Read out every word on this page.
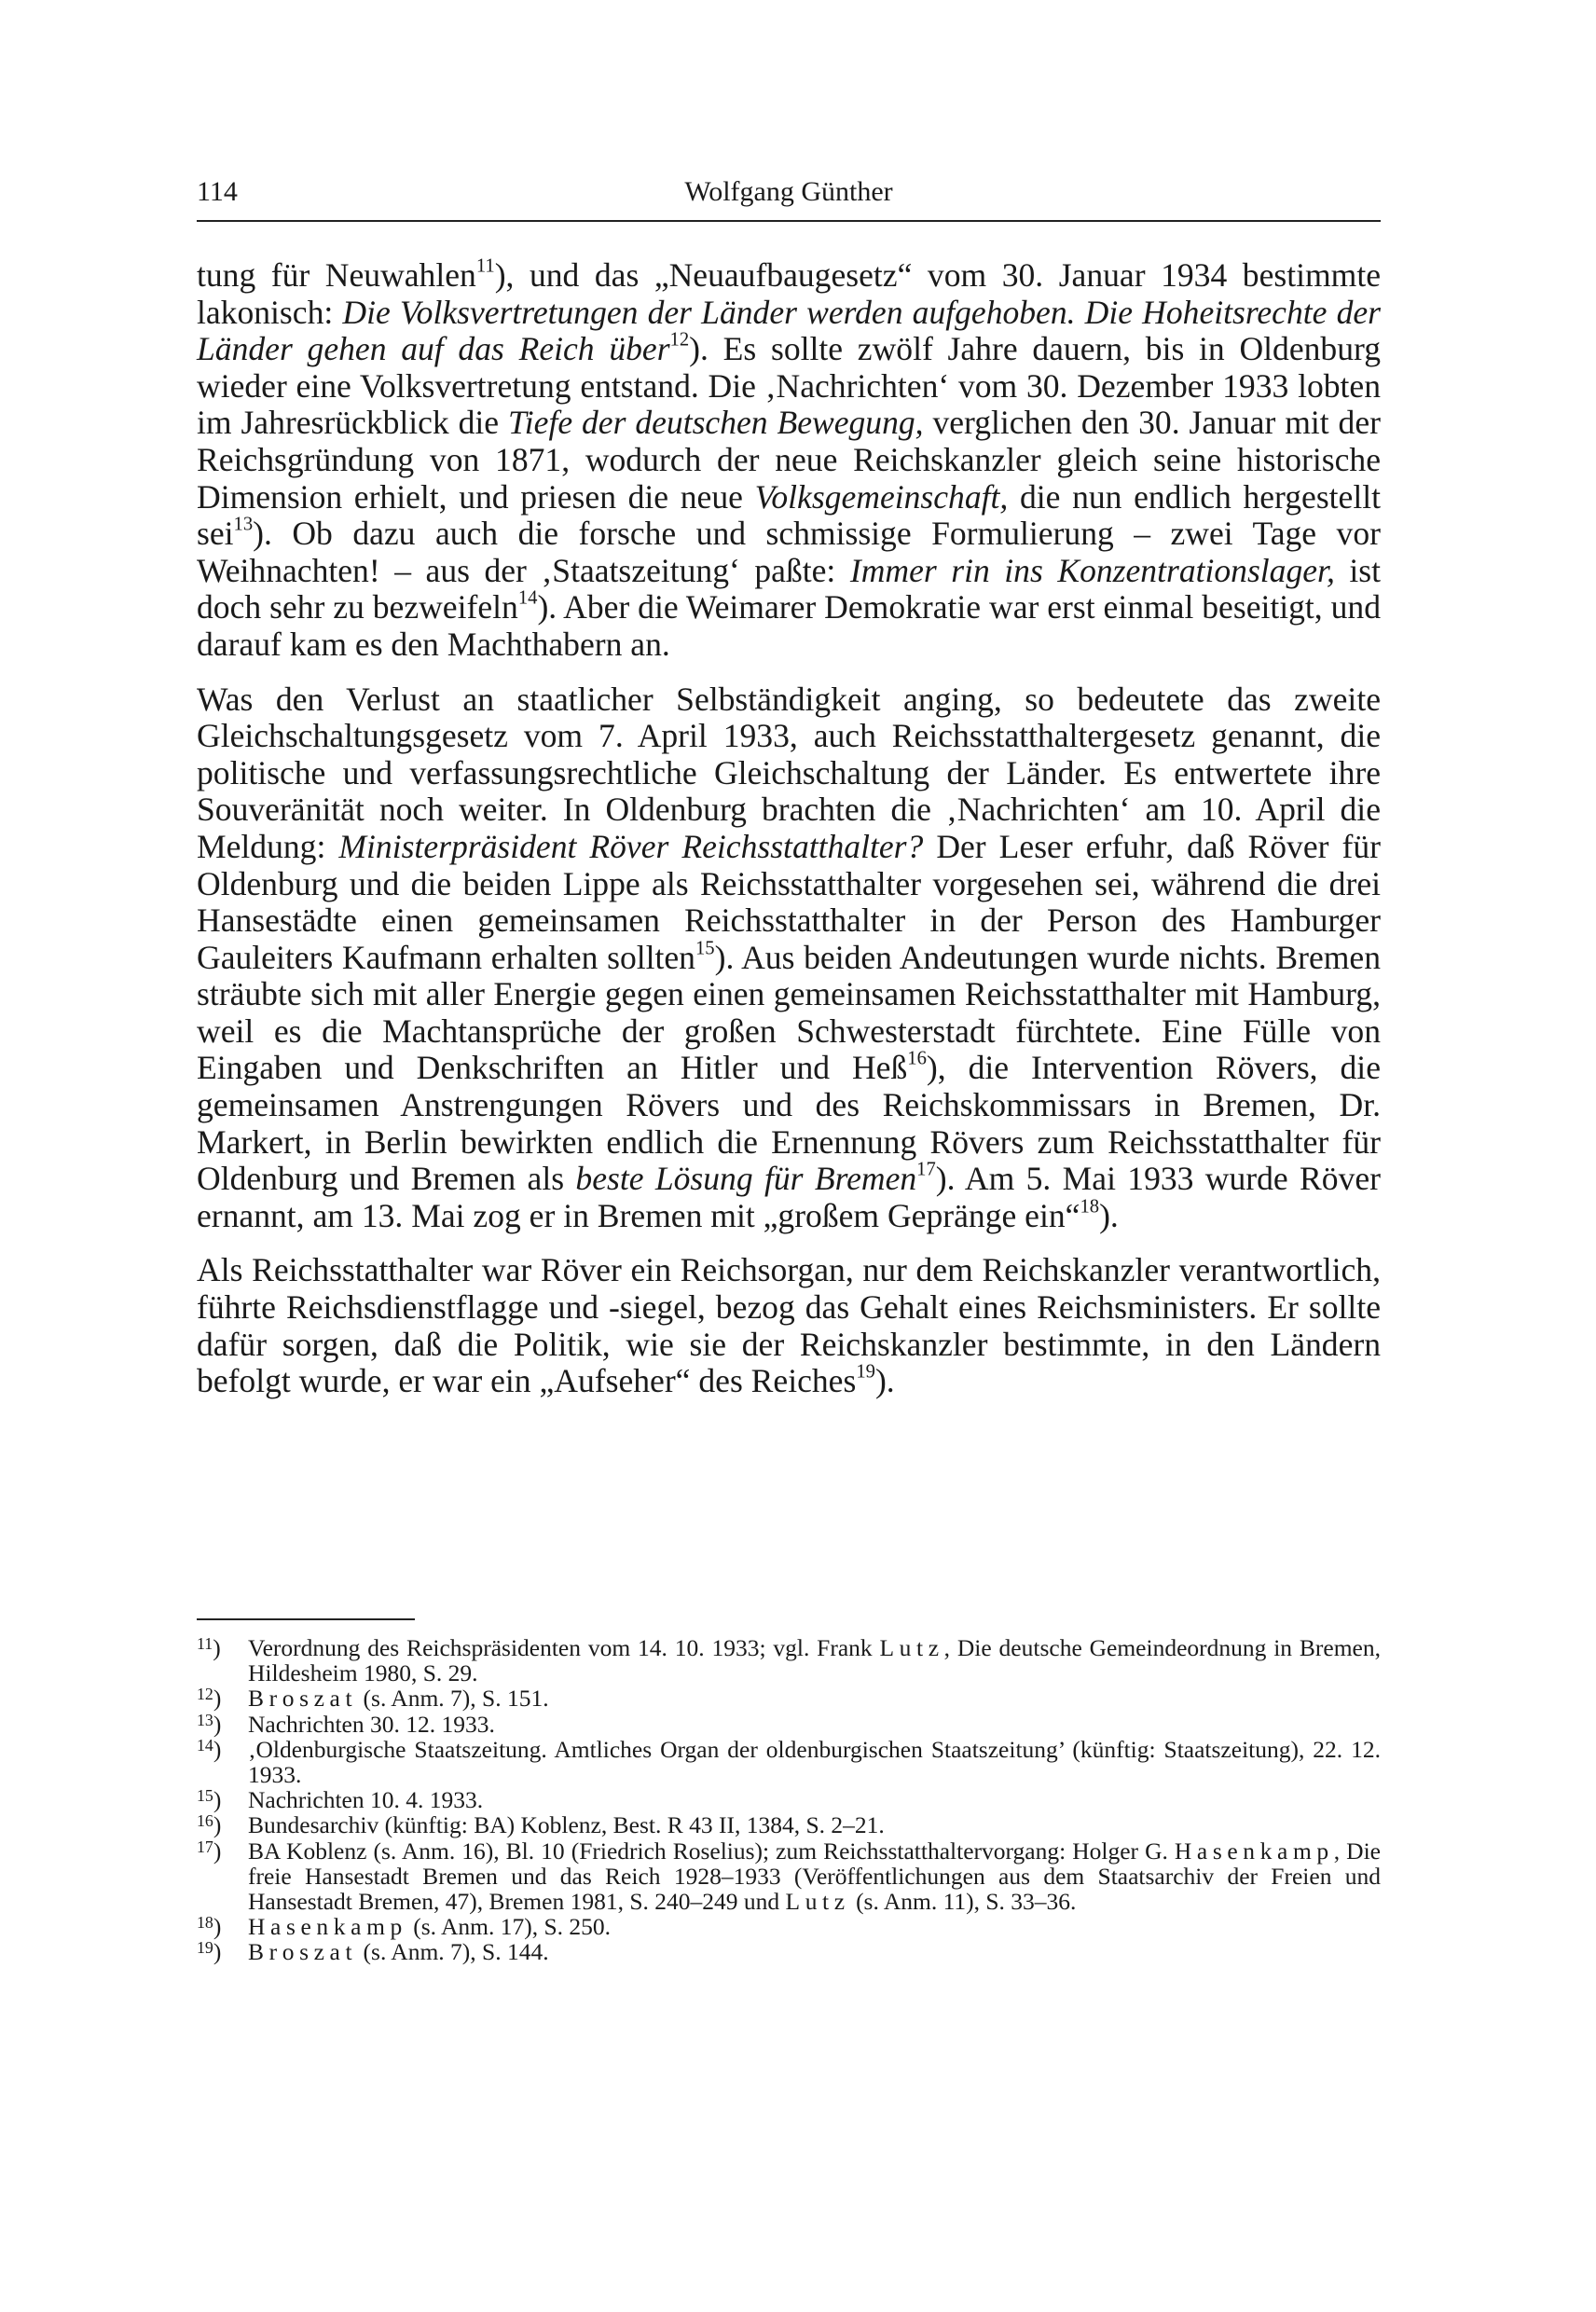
114	Wolfgang Günther

tung für Neuwahlen$^{11}$), und das „Neuaufbaugesetz“ vom 30. Januar 1934 bestimmte lakonisch: Die Volksvertretungen der Länder werden aufgehoben. Die Hoheitsrechte der Länder gehen auf das Reich über$^{12}$). Es sollte zwölf Jahre dauern, bis in Oldenburg wieder eine Volksvertretung entstand. Die ‚Nachrichten‘ vom 30. Dezember 1933 lobten im Jahresrückblick die Tiefe der deutschen Bewegung, verglichen den 30. Januar mit der Reichsgründung von 1871, wodurch der neue Reichskanzler gleich seine historische Dimension erhielt, und priesen die neue Volksgemeinschaft, die nun endlich hergestellt sei$^{13}$). Ob dazu auch die forsche und schmissige Formulierung – zwei Tage vor Weihnachten! – aus der ‚Staatszeitung‘ paßte: Immer rin ins Konzentrationslager, ist doch sehr zu bezweifeln$^{14}$). Aber die Weimarer Demokratie war erst einmal beseitigt, und darauf kam es den Machthabern an.

Was den Verlust an staatlicher Selbständigkeit anging, so bedeutete das zweite Gleichschaltungsgesetz vom 7. April 1933, auch Reichsstatthaltergesetz genannt, die politische und verfassungsrechtliche Gleichschaltung der Länder. Es entwertete ihre Souveränität noch weiter. In Oldenburg brachten die ‚Nachrichten‘ am 10. April die Meldung: Ministerpräsident Röver Reichsstatthalter? Der Leser erfuhr, daß Röver für Oldenburg und die beiden Lippe als Reichsstatthalter vorgesehen sei, während die drei Hansestädte einen gemeinsamen Reichsstatthalter in der Person des Hamburger Gauleiters Kaufmann erhalten sollten$^{15}$). Aus beiden Andeutungen wurde nichts. Bremen sträubte sich mit aller Energie gegen einen gemeinsamen Reichsstatthalter mit Hamburg, weil es die Machtansprüche der großen Schwesterstadt fürchtete. Eine Fülle von Eingaben und Denkschriften an Hitler und Heß$^{16}$), die Intervention Rövers, die gemeinsamen Anstrengungen Rövers und des Reichskommissars in Bremen, Dr. Markert, in Berlin bewirkten endlich die Ernennung Rövers zum Reichsstatthalter für Oldenburg und Bremen als beste Lösung für Bremen$^{17}$). Am 5. Mai 1933 wurde Röver ernannt, am 13. Mai zog er in Bremen mit „großem Gepränge ein“$^{18}$).

Als Reichsstatthalter war Röver ein Reichsorgan, nur dem Reichskanzler verantwortlich, führte Reichsdienstflagge und -siegel, bezog das Gehalt eines Reichsministers. Er sollte dafür sorgen, daß die Politik, wie sie der Reichskanzler bestimmte, in den Ländern befolgt wurde, er war ein „Aufseher“ des Reiches$^{19}$).

$^{11}$) Verordnung des Reichspräsidenten vom 14. 10. 1933; vgl. Frank Lutz, Die deutsche Gemeindeordnung in Bremen, Hildesheim 1980, S. 29.
$^{12}$) Broszat (s. Anm. 7), S. 151.
$^{13}$) Nachrichten 30. 12. 1933.
$^{14}$) ‚Oldenburgische Staatszeitung. Amtliches Organ der oldenburgischen Staatszeitung’ (künftig: Staatszeitung), 22. 12. 1933.
$^{15}$) Nachrichten 10. 4. 1933.
$^{16}$) Bundesarchiv (künftig: BA) Koblenz, Best. R 43 II, 1384, S. 2–21.
$^{17}$) BA Koblenz (s. Anm. 16), Bl. 10 (Friedrich Roselius); zum Reichsstatthaltervorgang: Holger G. Hasenkamp, Die freie Hansestadt Bremen und das Reich 1928–1933 (Veröffentlichungen aus dem Staatsarchiv der Freien und Hansestadt Bremen, 47), Bremen 1981, S. 240–249 und Lutz (s. Anm. 11), S. 33–36.
$^{18}$) Hasenkamp (s. Anm. 17), S. 250.
$^{19}$) Broszat (s. Anm. 7), S. 144.
